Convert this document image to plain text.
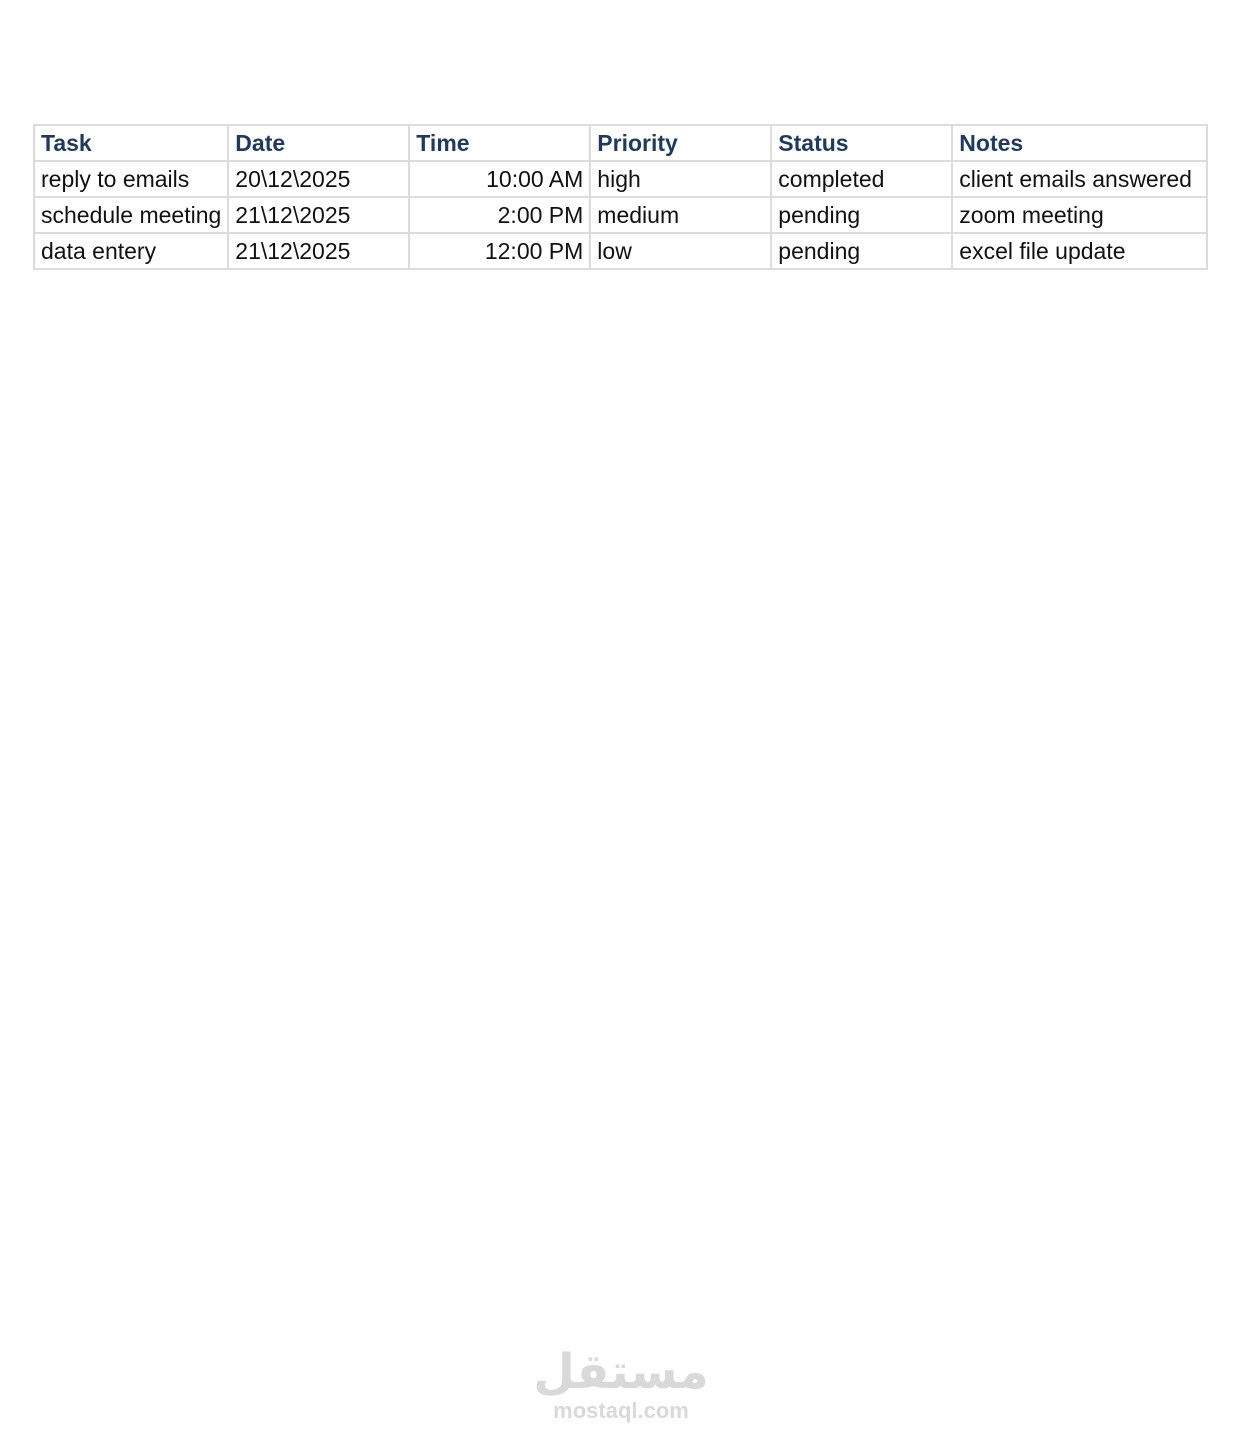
Task	Date	Time	Priority	Status	Notes
reply to emails	20\12\2025	10:00 AM	high	completed	client emails answered
schedule meeting	21\12\2025	2:00 PM	medium	pending	zoom meeting
data entery	21\12\2025	12:00 PM	low	pending	excel file update
مستقل
mostaql.com
